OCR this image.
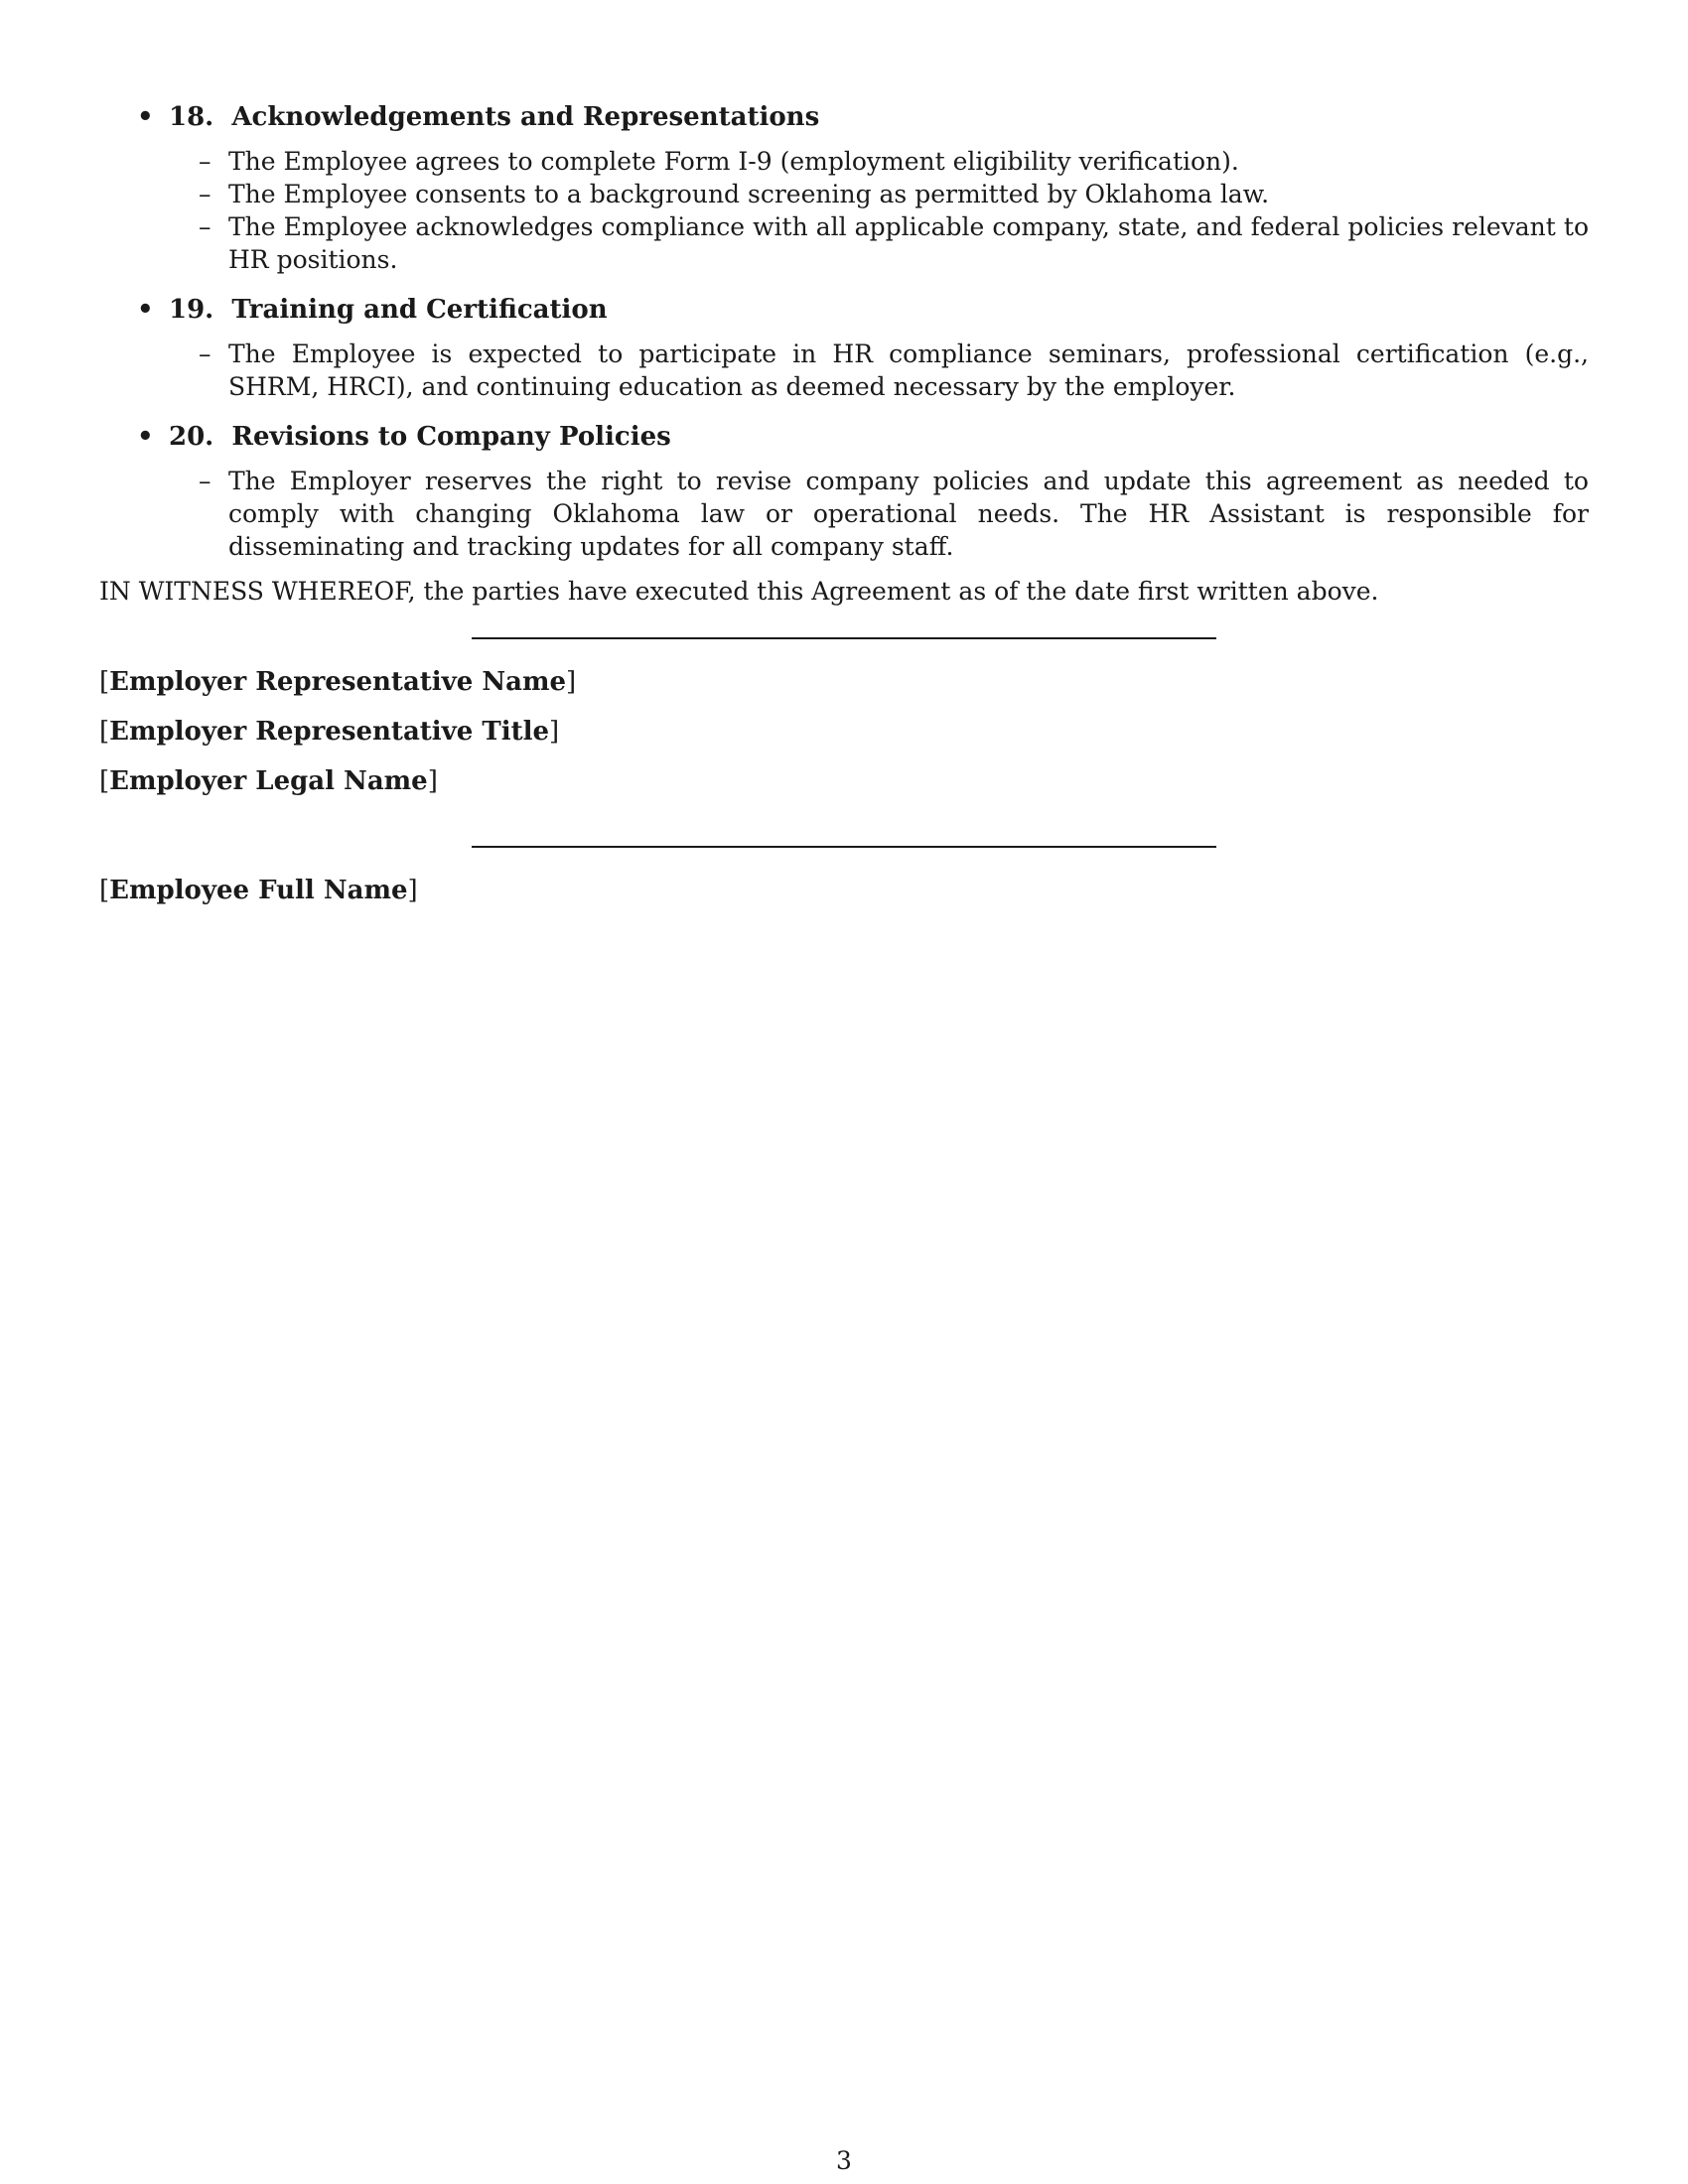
• 18. Acknowledgements and Representations
– The Employee agrees to complete Form I-9 (employment eligibility verification).
– The Employee consents to a background screening as permitted by Oklahoma law.
– The Employee acknowledges compliance with all applicable company, state, and federal policies relevant to HR positions.
• 19. Training and Certification
– The Employee is expected to participate in HR compliance seminars, professional certification (e.g., SHRM, HRCI), and continuing education as deemed necessary by the employer.
• 20. Revisions to Company Policies
– The Employer reserves the right to revise company policies and update this agreement as needed to comply with changing Oklahoma law or operational needs. The HR Assistant is responsible for disseminating and tracking updates for all company staff.
IN WITNESS WHEREOF, the parties have executed this Agreement as of the date first written above.
[Employer Representative Name]
[Employer Representative Title]
[Employer Legal Name]
[Employee Full Name]
3
